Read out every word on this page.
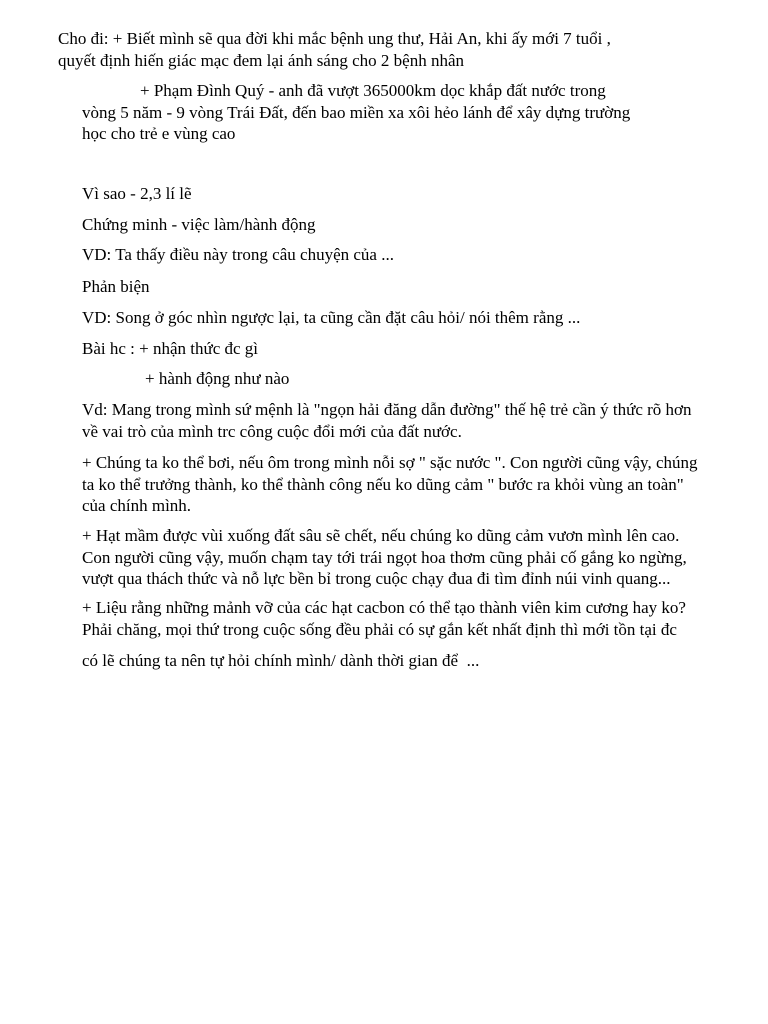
Cho đi: + Biết mình sẽ qua đời khi mắc bệnh ung thư, Hải An, khi ấy mới 7 tuổi ,
quyết định hiến giác mạc đem lại ánh sáng cho 2 bệnh nhân

+ Phạm Đình Quý - anh đã vượt 365000km dọc khắp đất nước trong
vòng 5 năm - 9 vòng Trái Đất, đến bao miền xa xôi hẻo lánh để xây dựng trường
học cho trẻ e vùng cao

Vì sao - 2,3 lí lẽ

Chứng minh - việc làm/hành động

VD: Ta thấy điều này trong câu chuyện của ...

Phản biện

VD: Song ở góc nhìn ngược lại, ta cũng cần đặt câu hỏi/ nói thêm rằng ...

Bài hc : + nhận thức đc gì

+ hành động như nào

Vd: Mang trong mình sứ mệnh là "ngọn hải đăng dẫn đường" thế hệ trẻ cần ý thức rõ hơn
về vai trò của mình trc công cuộc đổi mới của đất nước.

+ Chúng ta ko thể bơi, nếu ôm trong mình nỗi sợ " sặc nước ". Con người cũng vậy, chúng
ta ko thể trưởng thành, ko thể thành công nếu ko dũng cảm " bước ra khỏi vùng an toàn"
của chính mình.

+ Hạt mầm được vùi xuống đất sâu sẽ chết, nếu chúng ko dũng cảm vươn mình lên cao.
Con người cũng vậy, muốn chạm tay tới trái ngọt hoa thơm cũng phải cố gắng ko ngừng,
vượt qua thách thức và nỗ lực bền bỉ trong cuộc chạy đua đi tìm đỉnh núi vinh quang...

+ Liệu rằng những mảnh vỡ của các hạt cacbon có thể tạo thành viên kim cương hay ko?
Phải chăng, mọi thứ trong cuộc sống đều phải có sự gắn kết nhất định thì mới tồn tại đc

có lẽ chúng ta nên tự hỏi chính mình/ dành thời gian để  ...
